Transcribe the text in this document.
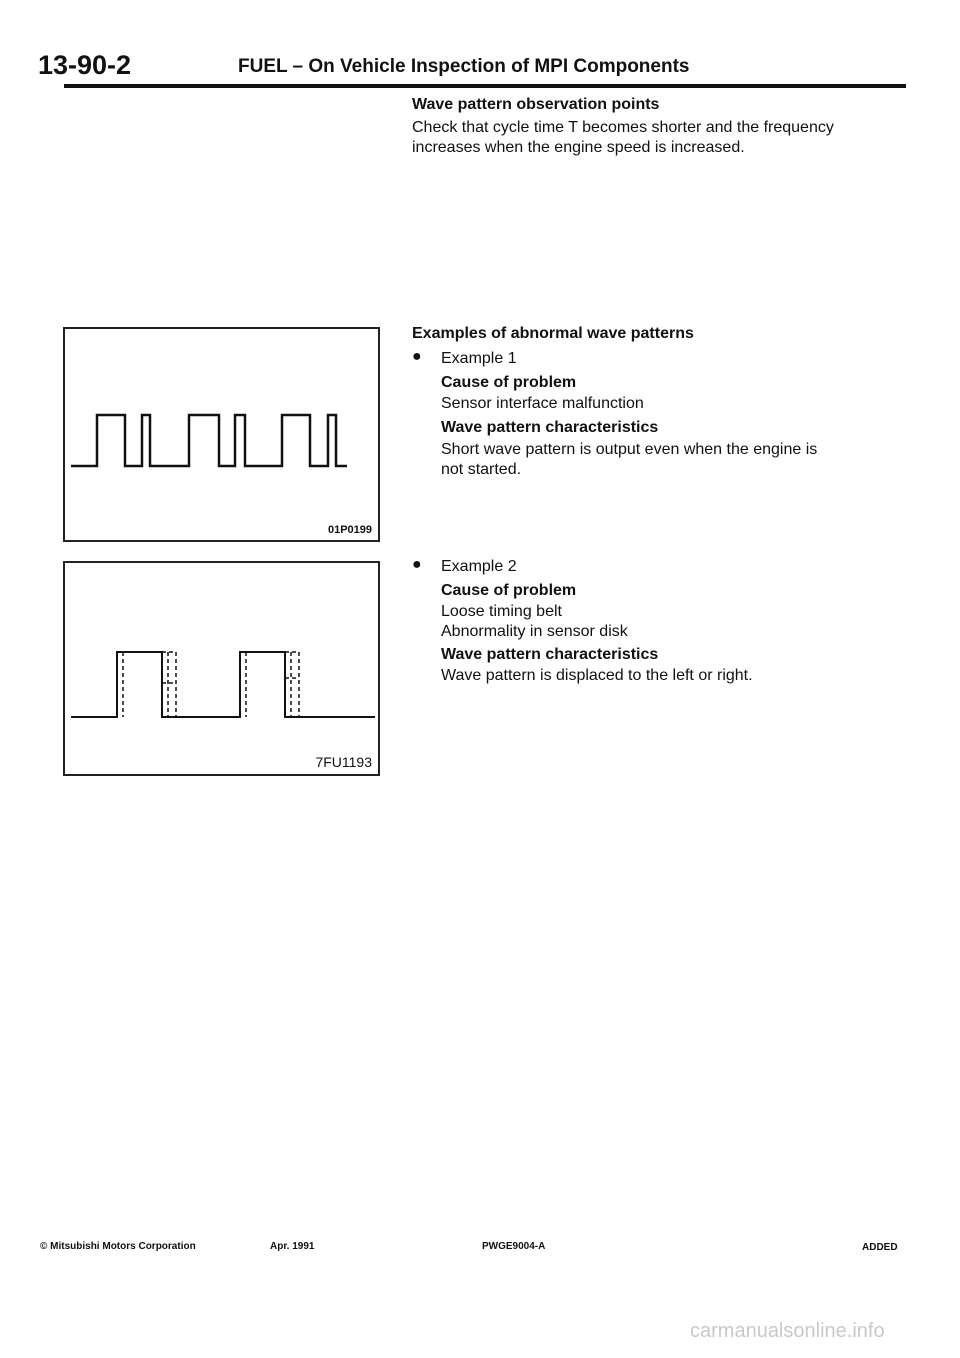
13-90-2	FUEL – On Vehicle Inspection of MPI Components
Wave pattern observation points
Check that cycle time T becomes shorter and the frequency
increases when the engine speed is increased.
Examples of abnormal wave patterns
● Example 1
Cause of problem
Sensor interface malfunction
Wave pattern characteristics
Short wave pattern is output even when the engine is
not started.
● Example 2
Cause of problem
Loose timing belt
Abnormality in sensor disk
Wave pattern characteristics
Wave pattern is displaced to the left or right.
01P0199
7FU1193
© Mitsubishi Motors Corporation	Apr. 1991	PWGE9004-A	ADDED
carmanualsonline.info
